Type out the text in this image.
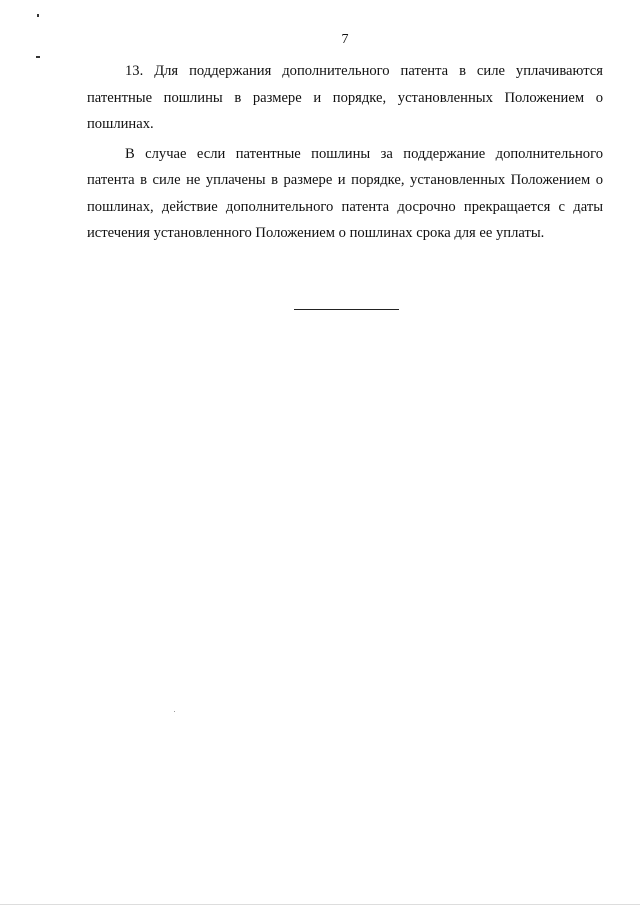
7

13. Для поддержания дополнительного патента в силе уплачиваются патентные пошлины в размере и порядке, установленных Положением о пошлинах.

В случае если патентные пошлины за поддержание дополнительного патента в силе не уплачены в размере и порядке, установленных Положением о пошлинах, действие дополнительного патента досрочно прекращается с даты истечения установленного Положением о пошлинах срока для ее уплаты.
